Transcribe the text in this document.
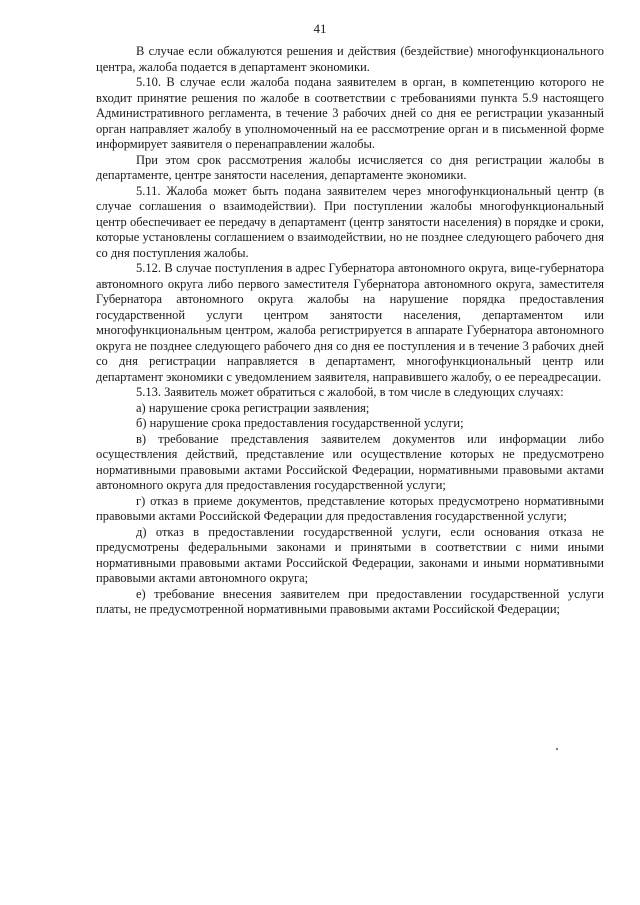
41

В случае если обжалуются решения и действия (бездействие) многофункционального центра, жалоба подается в департамент экономики.

5.10. В случае если жалоба подана заявителем в орган, в компетенцию которого не входит принятие решения по жалобе в соответствии с требованиями пункта 5.9 настоящего Административного регламента, в течение 3 рабочих дней со дня ее регистрации указанный орган направляет жалобу в уполномоченный на ее рассмотрение орган и в письменной форме информирует заявителя о перенаправлении жалобы.

При этом срок рассмотрения жалобы исчисляется со дня регистрации жалобы в департаменте, центре занятости населения, департаменте экономики.

5.11. Жалоба может быть подана заявителем через многофункциональный центр (в случае соглашения о взаимодействии). При поступлении жалобы многофункциональный центр обеспечивает ее передачу в департамент (центр занятости населения) в порядке и сроки, которые установлены соглашением о взаимодействии, но не позднее следующего рабочего дня со дня поступления жалобы.

5.12. В случае поступления в адрес Губернатора автономного округа, вице-губернатора автономного округа либо первого заместителя Губернатора автономного округа, заместителя Губернатора автономного округа жалобы на нарушение порядка предоставления государственной услуги центром занятости населения, департаментом или многофункциональным центром, жалоба регистрируется в аппарате Губернатора автономного округа не позднее следующего рабочего дня со дня ее поступления и в течение 3 рабочих дней со дня регистрации направляется в департамент, многофункциональный центр или департамент экономики с уведомлением заявителя, направившего жалобу, о ее переадресации.

5.13. Заявитель может обратиться с жалобой, в том числе в следующих случаях:

а) нарушение срока регистрации заявления;

б) нарушение срока предоставления государственной услуги;

в) требование представления заявителем документов или информации либо осуществления действий, представление или осуществление которых не предусмотрено нормативными правовыми актами Российской Федерации, нормативными правовыми актами автономного округа для предоставления государственной услуги;

г) отказ в приеме документов, представление которых предусмотрено нормативными правовыми актами Российской Федерации для предоставления государственной услуги;

д) отказ в предоставлении государственной услуги, если основания отказа не предусмотрены федеральными законами и принятыми в соответствии с ними иными нормативными правовыми актами Российской Федерации, законами и иными нормативными правовыми актами автономного округа;

е) требование внесения заявителем при предоставлении государственной услуги платы, не предусмотренной нормативными правовыми актами Российской Федерации;
